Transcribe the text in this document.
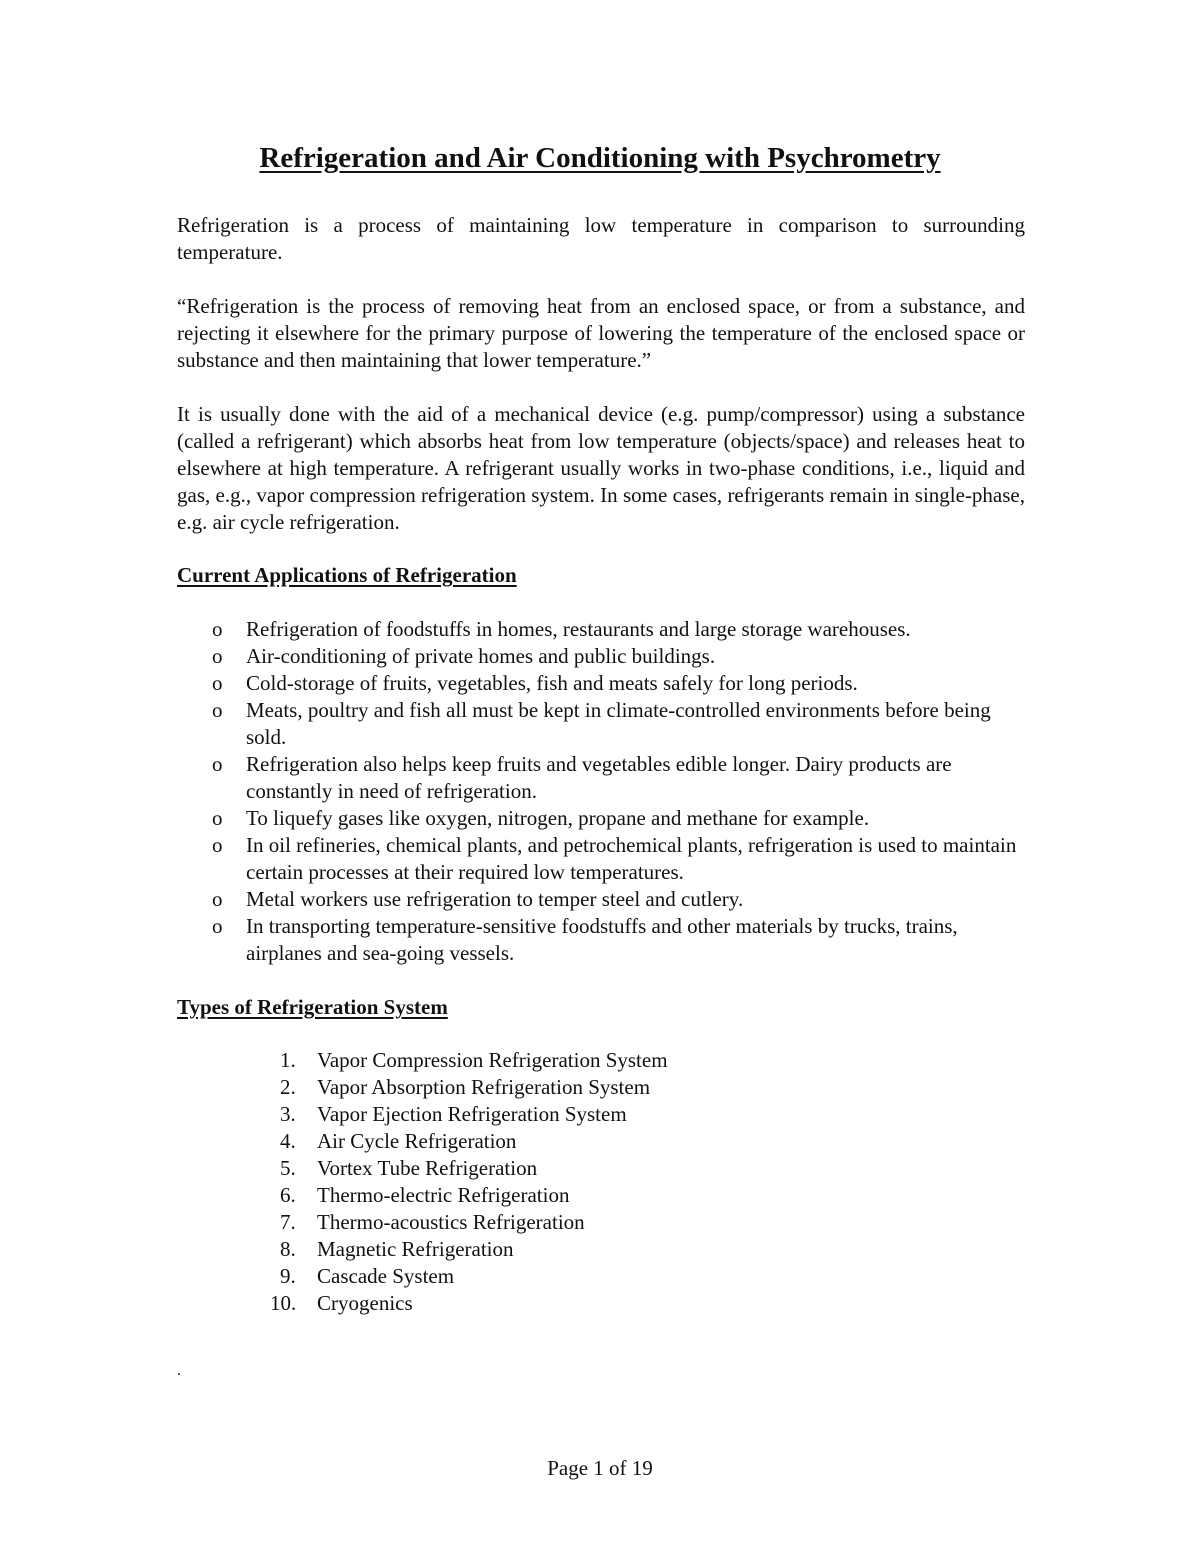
Refrigeration and Air Conditioning with Psychrometry

Refrigeration is a process of maintaining low temperature in comparison to surrounding temperature.

“Refrigeration is the process of removing heat from an enclosed space, or from a substance, and rejecting it elsewhere for the primary purpose of lowering the temperature of the enclosed space or substance and then maintaining that lower temperature.”

It is usually done with the aid of a mechanical device (e.g. pump/compressor) using a substance (called a refrigerant) which absorbs heat from low temperature (objects/space) and releases heat to elsewhere at high temperature. A refrigerant usually works in two-phase conditions, i.e., liquid and gas, e.g., vapor compression refrigeration system. In some cases, refrigerants remain in single-phase, e.g. air cycle refrigeration.

Current Applications of Refrigeration
o Refrigeration of foodstuffs in homes, restaurants and large storage warehouses.
o Air-conditioning of private homes and public buildings.
o Cold-storage of fruits, vegetables, fish and meats safely for long periods.
o Meats, poultry and fish all must be kept in climate-controlled environments before being sold.
o Refrigeration also helps keep fruits and vegetables edible longer. Dairy products are constantly in need of refrigeration.
o To liquefy gases like oxygen, nitrogen, propane and methane for example.
o In oil refineries, chemical plants, and petrochemical plants, refrigeration is used to maintain certain processes at their required low temperatures.
o Metal workers use refrigeration to temper steel and cutlery.
o In transporting temperature-sensitive foodstuffs and other materials by trucks, trains, airplanes and sea-going vessels.
Types of Refrigeration System
1.	Vapor Compression Refrigeration System
2.	Vapor Absorption Refrigeration System
3.	Vapor Ejection Refrigeration System
4.	Air Cycle Refrigeration
5.	Vortex Tube Refrigeration
6.	Thermo-electric Refrigeration
7.	Thermo-acoustics Refrigeration
8.	Magnetic Refrigeration
9.	Cascade System
10. Cryogenics
.
Page 1 of 19
